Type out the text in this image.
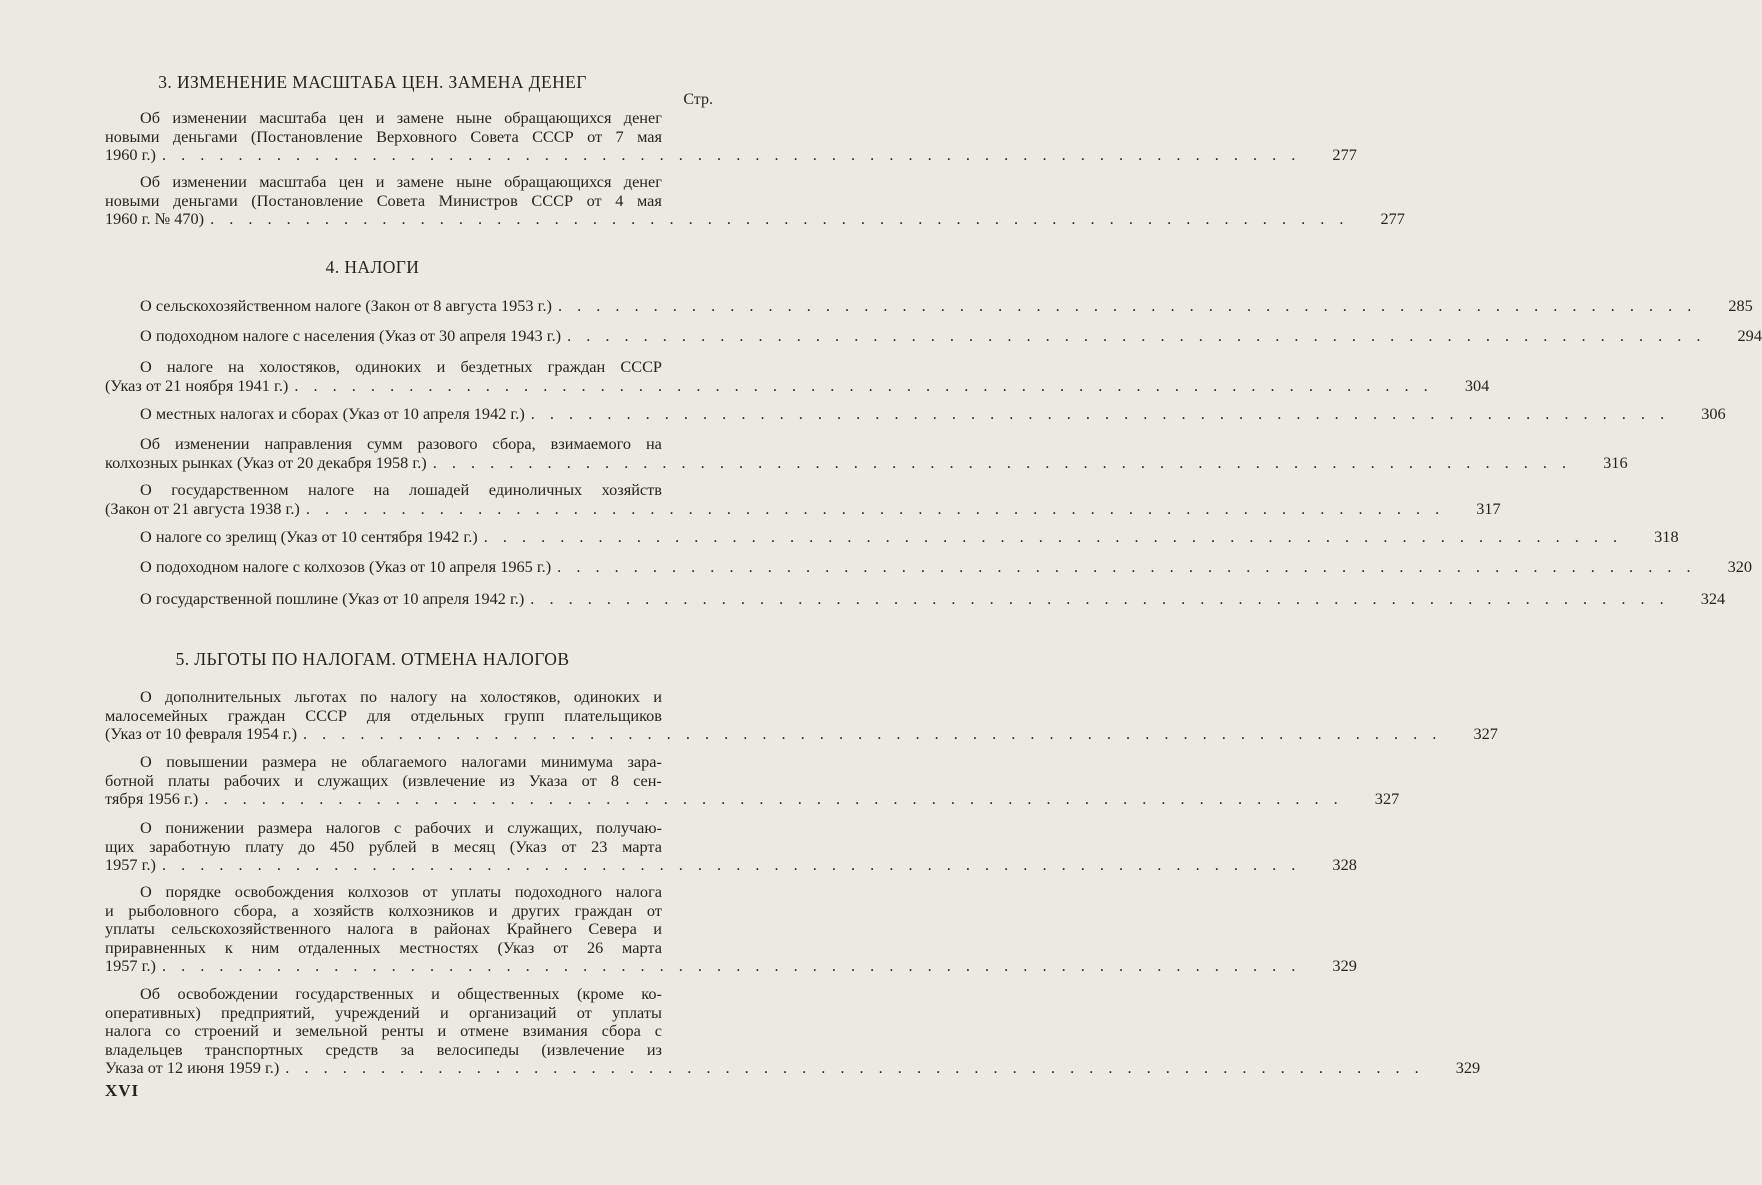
3. ИЗМЕНЕНИЕ МАСШТАБА ЦЕН. ЗАМЕНА ДЕНЕГ
Стр.
Об изменении масштаба цен и замене ныне обращающихся денег
новыми деньгами (Постановление Верховного Совета СССР от 7 мая
1960 г.) . . . . . . . . . . . . . . . . . . . . . . . . . . . . . . . . . . . . . . . . . . . . . . . . . . . . . . . . . . . .	277
Об изменении масштаба цен и замене ныне обращающихся денег
новыми деньгами (Постановление Совета Министров СССР от 4 мая
1960 г. № 470) . . . . . . . . . . . . . . . . . . . . . . . . . . . . . . . . . . . . . . . . . . . . . . . . . . . . . . . . . . . .	277
4. НАЛОГИ
О сельскохозяйственном налоге (Закон от 8 августа 1953 г.) . . . . . . . . . . . . . . . . . . . . . . . . . . . . . . . . . . . . . . . . . . . . . . . . . . . . . . . . . . . .	285
О подоходном налоге с населения (Указ от 30 апреля 1943 г.) . . . . . . . . . . . . . . . . . . . . . . . . . . . . . . . . . . . . . . . . . . . . . . . . . . . . . . . . . . . .	294
О налоге на холостяков, одиноких и бездетных граждан СССР
(Указ от 21 ноября 1941 г.) . . . . . . . . . . . . . . . . . . . . . . . . . . . . . . . . . . . . . . . . . . . . . . . . . . . . . . . . . . . .	304
О местных налогах и сборах (Указ от 10 апреля 1942 г.) . . . . . . . . . . . . . . . . . . . . . . . . . . . . . . . . . . . . . . . . . . . . . . . . . . . . . . . . . . . .	306
Об изменении направления сумм разового сбора, взимаемого на
колхозных рынках (Указ от 20 декабря 1958 г.) . . . . . . . . . . . . . . . . . . . . . . . . . . . . . . . . . . . . . . . . . . . . . . . . . . . . . . . . . . . .	316
О государственном налоге на лошадей единоличных хозяйств
(Закон от 21 августа 1938 г.) . . . . . . . . . . . . . . . . . . . . . . . . . . . . . . . . . . . . . . . . . . . . . . . . . . . . . . . . . . . .	317
О налоге со зрелищ (Указ от 10 сентября 1942 г.) . . . . . . . . . . . . . . . . . . . . . . . . . . . . . . . . . . . . . . . . . . . . . . . . . . . . . . . . . . . .	318
О подоходном налоге с колхозов (Указ от 10 апреля 1965 г.) . . . . . . . . . . . . . . . . . . . . . . . . . . . . . . . . . . . . . . . . . . . . . . . . . . . . . . . . . . . .	320
О государственной пошлине (Указ от 10 апреля 1942 г.) . . . . . . . . . . . . . . . . . . . . . . . . . . . . . . . . . . . . . . . . . . . . . . . . . . . . . . . . . . . .	324
5. ЛЬГОТЫ ПО НАЛОГАМ. ОТМЕНА НАЛОГОВ
О дополнительных льготах по налогу на холостяков, одиноких и
малосемейных граждан СССР для отдельных групп плательщиков
(Указ от 10 февраля 1954 г.) . . . . . . . . . . . . . . . . . . . . . . . . . . . . . . . . . . . . . . . . . . . . . . . . . . . . . . . . . . . .	327
О повышении размера не облагаемого налогами минимума зара-
ботной платы рабочих и служащих (извлечение из Указа от 8 сен-
тября 1956 г.) . . . . . . . . . . . . . . . . . . . . . . . . . . . . . . . . . . . . . . . . . . . . . . . . . . . . . . . . . . . .	327
О понижении размера налогов с рабочих и служащих, получаю-
щих заработную плату до 450 рублей в месяц (Указ от 23 марта
1957 г.) . . . . . . . . . . . . . . . . . . . . . . . . . . . . . . . . . . . . . . . . . . . . . . . . . . . . . . . . . . . .	328
О порядке освобождения колхозов от уплаты подоходного налога
и рыболовного сбора, а хозяйств колхозников и других граждан от
уплаты сельскохозяйственного налога в районах Крайнего Севера и
приравненных к ним отдаленных местностях (Указ от 26 марта
1957 г.) . . . . . . . . . . . . . . . . . . . . . . . . . . . . . . . . . . . . . . . . . . . . . . . . . . . . . . . . . . . .	329
Об освобождении государственных и общественных (кроме ко-
оперативных) предприятий, учреждений и организаций от уплаты
налога со строений и земельной ренты и отмене взимания сбора с
владельцев транспортных средств за велосипеды (извлечение из
Указа от 12 июня 1959 г.) . . . . . . . . . . . . . . . . . . . . . . . . . . . . . . . . . . . . . . . . . . . . . . . . . . . . . . . . . . . .	329
XVI
